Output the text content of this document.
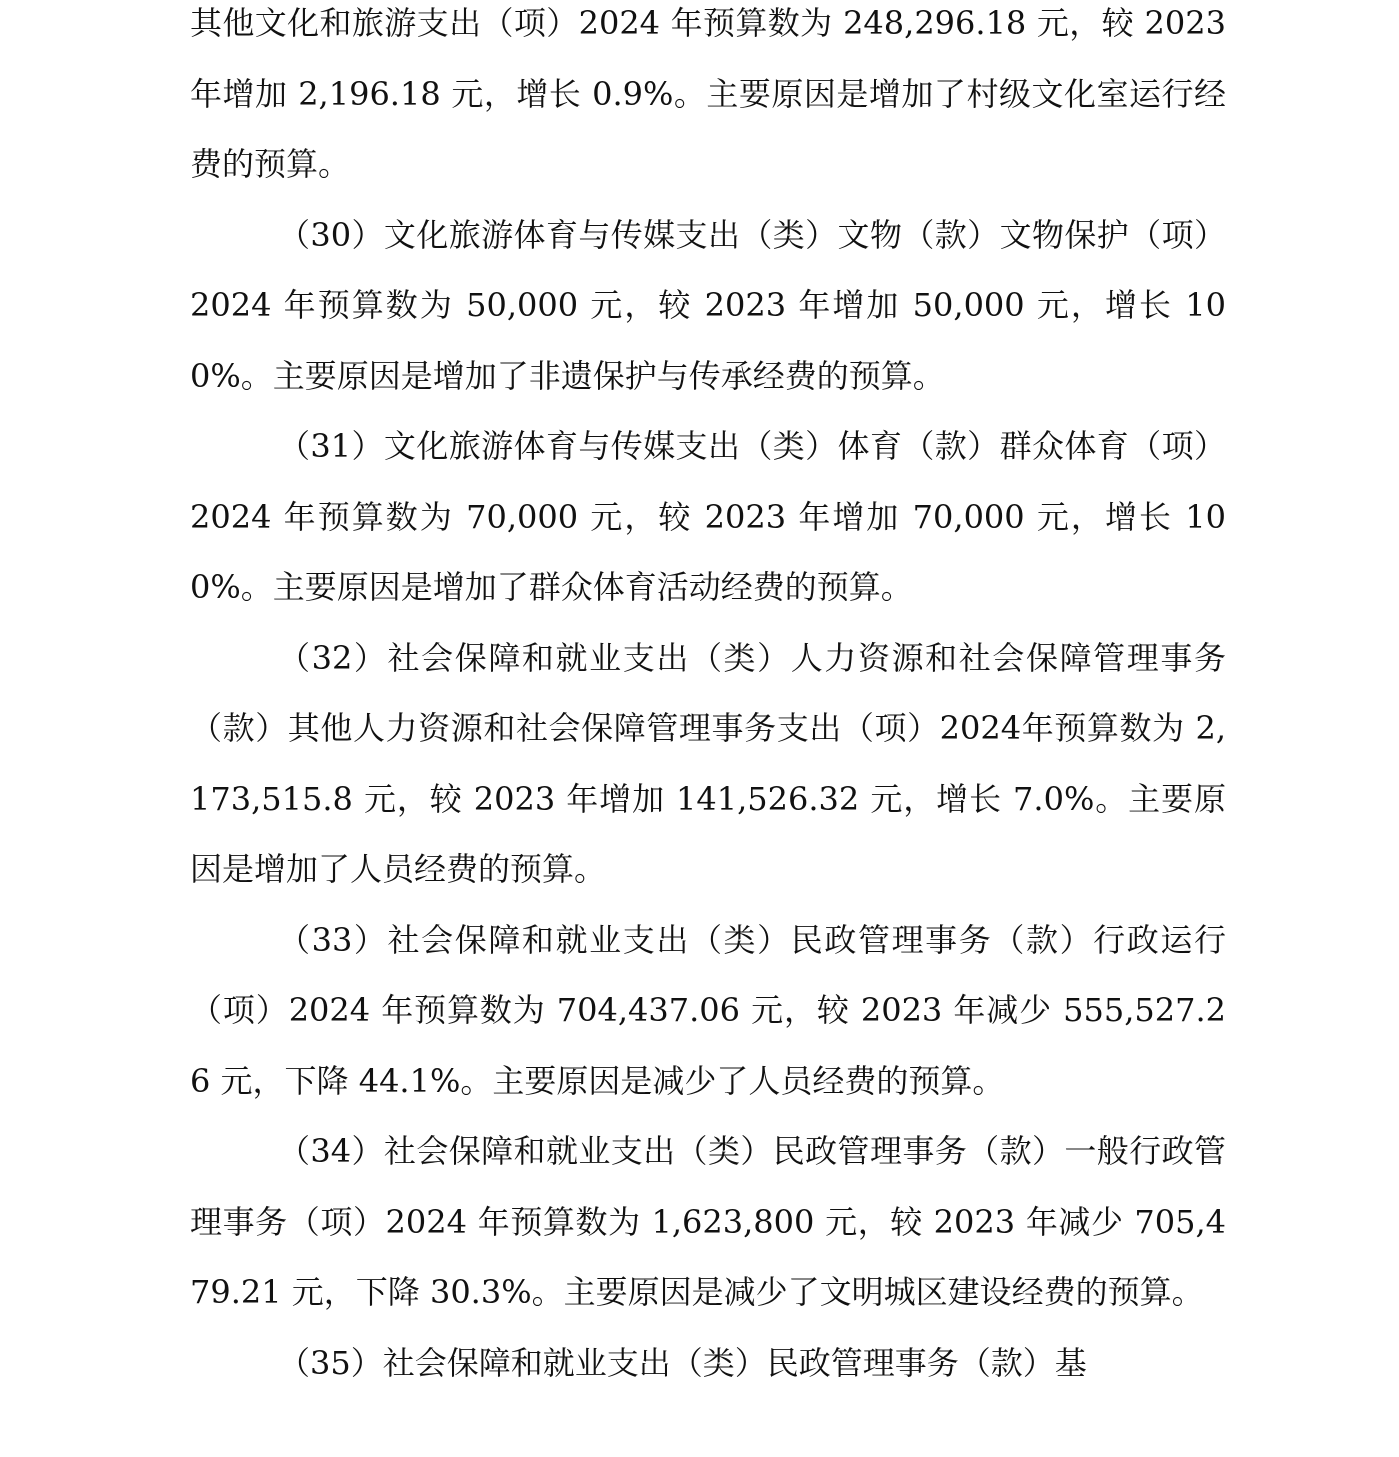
其他文化和旅游支出（项）2024 年预算数为 248,296.18 元，较 2023 年增加 2,196.18 元，增长 0.9%。主要原因是增加了村级文化室运行经费的预算。

（30）文化旅游体育与传媒支出（类）文物（款）文物保护（项）2024 年预算数为 50,000 元，较 2023 年增加 50,000 元，增长 100%。主要原因是增加了非遗保护与传承经费的预算。

（31）文化旅游体育与传媒支出（类）体育（款）群众体育（项）2024 年预算数为 70,000 元，较 2023 年增加 70,000 元，增长 100%。主要原因是增加了群众体育活动经费的预算。

（32）社会保障和就业支出（类）人力资源和社会保障管理事务（款）其他人力资源和社会保障管理事务支出（项）2024年预算数为 2,173,515.8 元，较 2023 年增加 141,526.32 元，增长 7.0%。主要原因是增加了人员经费的预算。

（33）社会保障和就业支出（类）民政管理事务（款）行政运行（项）2024 年预算数为 704,437.06 元，较 2023 年减少 555,527.26 元，下降 44.1%。主要原因是减少了人员经费的预算。

（34）社会保障和就业支出（类）民政管理事务（款）一般行政管理事务（项）2024 年预算数为 1,623,800 元，较 2023 年减少 705,479.21 元，下降 30.3%。主要原因是减少了文明城区建设经费的预算。

（35）社会保障和就业支出（类）民政管理事务（款）基
